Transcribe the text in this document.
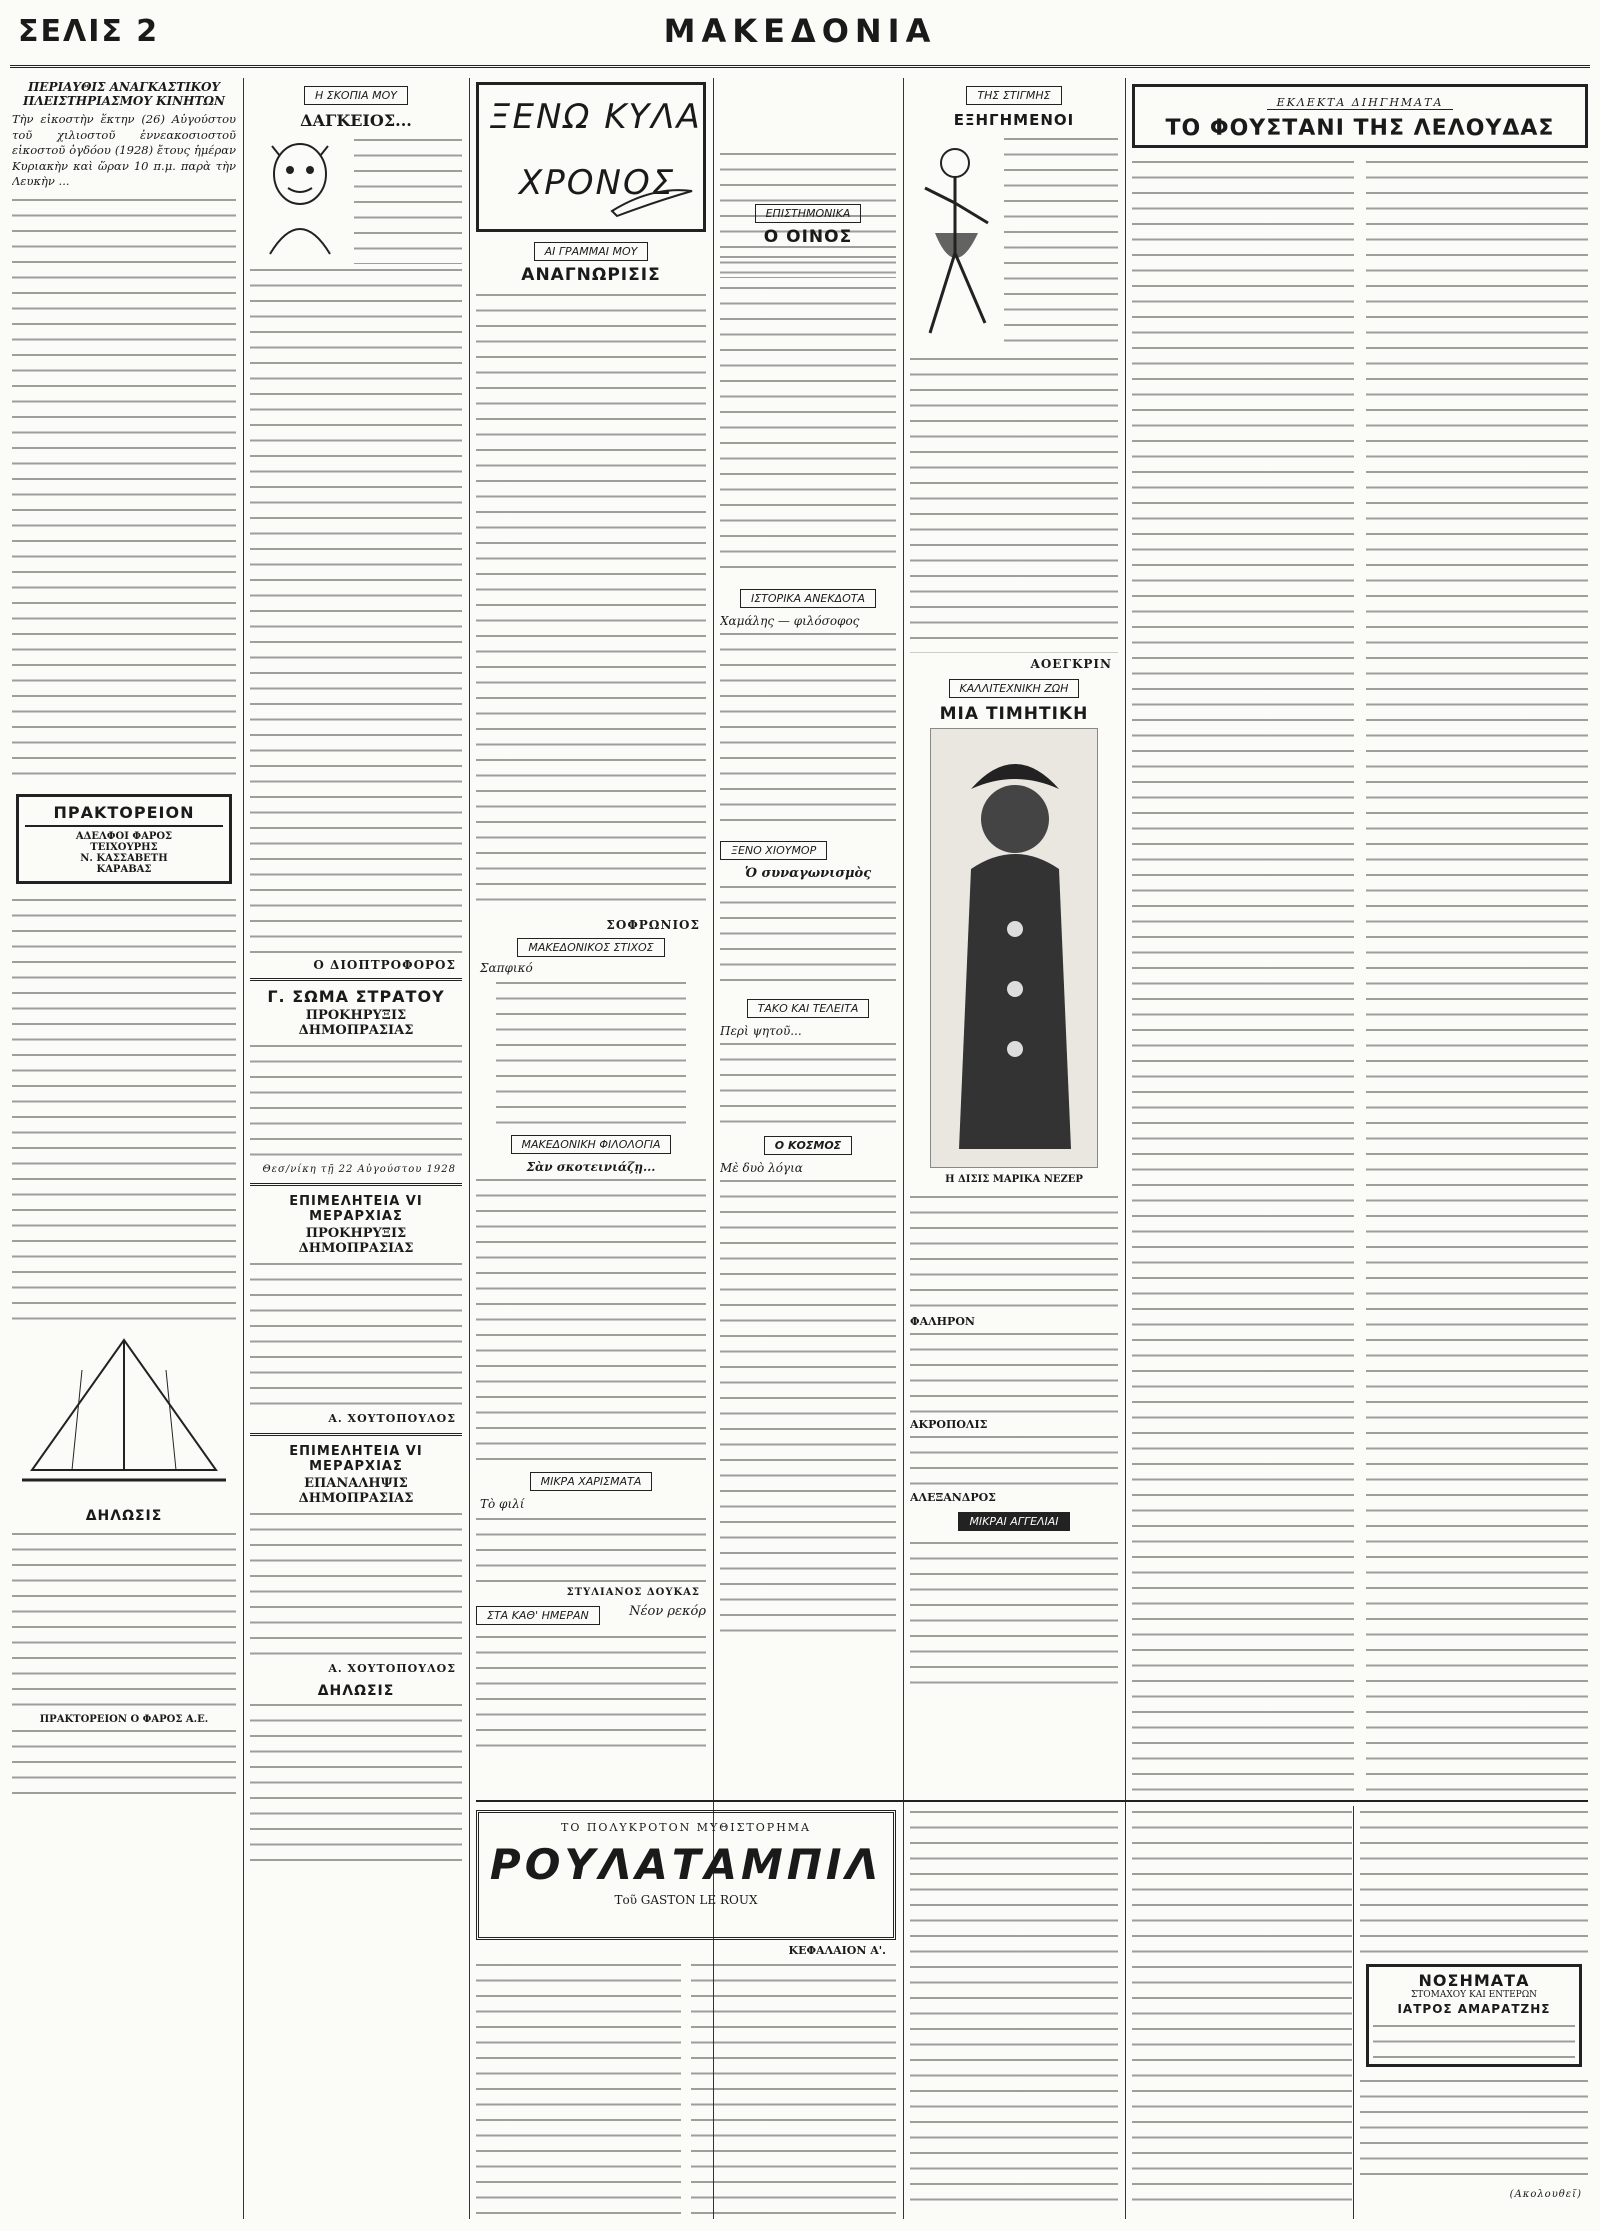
ΣΕΛΙΣ 2	ΜΑΚΕΔΟΝΙΑ
ΠΕΡΙΑΥΘΙΣ ΑΝΑΓΚΑΣΤΙΚΟΥ
ΠΛΕΙΣΤΗΡΙΑΣΜΟΥ ΚΙΝΗΤΩΝ
Τὴν εἰκοστὴν ἕκτην (26) Αὐγούστου τοῦ χιλιοστοῦ ἐννεακοσιοστοῦ εἰκοστοῦ ὀγδόου (1928) ἔτους ἡμέραν Κυριακὴν καὶ ὥραν 10 π.μ. παρὰ τὴν Λευκὴν ...
ΠΡΑΚΤΟΡΕΙΟΝ
ΑΔΕΛΦΟΙ ΦΑΡΟΣ
ΤΕΙΧΟΥΡΗΣ
Ν. ΚΑΣΣΑΒΕΤΗ
ΚΑΡΑΒΑΣ
ΔΗΛΩΣΙΣ
ΠΡΑΚΤΟΡΕΙΟΝ Ο ΦΑΡΟΣ Α.Ε.
Η ΣΚΟΠΙΑ ΜΟΥ
ΔΑΓΚΕΙΟΣ...
Ο ΔΙΟΠΤΡΟΦΟΡΟΣ
Γ. ΣΩΜΑ ΣΤΡΑΤΟΥ
ΠΡΟΚΗΡΥΞΙΣ ΔΗΜΟΠΡΑΣΙΑΣ
Θεσ/νίκη τῇ 22 Αὐγούστου 1928
ΕΠΙΜΕΛΗΤΕΙΑ VI ΜΕΡΑΡΧΙΑΣ
ΠΡΟΚΗΡΥΞΙΣ ΔΗΜΟΠΡΑΣΙΑΣ
Α. ΧΟΥΤΟΠΟΥΛΟΣ
ΕΠΙΜΕΛΗΤΕΙΑ VI ΜΕΡΑΡΧΙΑΣ
ΕΠΑΝΑΛΗΨΙΣ ΔΗΜΟΠΡΑΣΙΑΣ
Α. ΧΟΥΤΟΠΟΥΛΟΣ
ΔΗΛΩΣΙΣ
ΞΕΝΩ ΚΥΛΑ
ΧΡΟΝΟΣ
ΑΙ ΓΡΑΜΜΑΙ ΜΟΥ
ΑΝΑΓΝΩΡΙΣΙΣ
ΣΟΦΡΩΝΙΟΣ
ΜΑΚΕΔΟΝΙΚΟΣ ΣΤΙΧΟΣ
Σαπφικό
ΜΑΚΕΔΟΝΙΚΗ ΦΙΛΟΛΟΓΙΑ
Σὰν σκοτεινιάζῃ...
ΜΙΚΡΑ ΧΑΡΙΣΜΑΤΑ
Τὸ φιλί
ΣΤΥΛΙΑΝΟΣ ΔΟΥΚΑΣ
ΣΤΑ ΚΑΘ' ΗΜΕΡΑΝ	Νέον ρεκόρ
ΕΠΙΣΤΗΜΟΝΙΚΑ
Ο ΟΙΝΟΣ
ΙΣΤΟΡΙΚΑ ΑΝΕΚΔΟΤΑ
Χαμάλης — φιλόσοφος
ΞΕΝΟ ΧΙΟΥΜΟΡ
Ὁ συναγωνισμὸς
ΤΑΚΟ ΚΑΙ ΤΕΛΕΙΤΑ
Περὶ ψητοῦ...
Ο ΚΟΣΜΟΣ
Μὲ δυὸ λόγια
ΤΗΣ ΣΤΙΓΜΗΣ
ΕΞΗΓΗΜΕΝΟΙ
ΑΟΕΓΚΡΙΝ
ΚΑΛΛΙΤΕΧΝΙΚΗ ΖΩΗ
ΜΙΑ ΤΙΜΗΤΙΚΗ
Η ΔΙΣΙΣ ΜΑΡΙΚΑ ΝΕΖΕΡ
ΦΑΛΗΡΟΝ
ΑΚΡΟΠΟΛΙΣ
ΑΛΕΞΑΝΔΡΟΣ
ΜΙΚΡΑΙ ΑΓΓΕΛΙΑΙ
ΕΚΛΕΚΤΑ ΔΙΗΓΗΜΑΤΑ
ΤΟ ΦΟΥΣΤΑΝΙ ΤΗΣ ΛΕΛΟΥΔΑΣ
ΤΟ ΠΟΛΥΚΡΟΤΟΝ ΜΥΘΙΣΤΟΡΗΜΑ
ΡΟΥΛΑΤΑΜΠΙΛ
Τοῦ GASTON LE ROUX
ΚΕΦΑΛΑΙΟΝ Α'.
ΝΟΣΗΜΑΤΑ
ΣΤΟΜΑΧΟΥ ΚΑΙ ΕΝΤΕΡΩΝ
ΙΑΤΡΟΣ ΑΜΑΡΑΤΖΗΣ
(Ακολουθεῖ)
